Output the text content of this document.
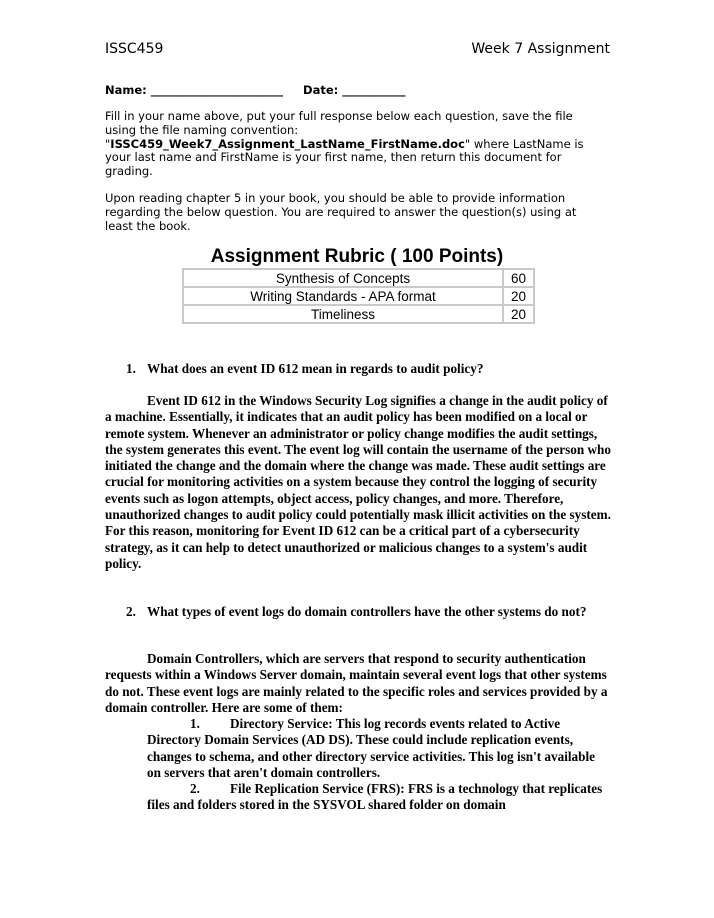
ISSC459	Week 7 Assignment
Name: _______________________     Date: ___________
Fill in your name above, put your full response below each question, save the file using the file naming convention: "ISSC459_Week7_Assignment_LastName_FirstName.doc" where LastName is your last name and FirstName is your first name, then return this document for grading.
Upon reading chapter 5 in your book, you should be able to provide information regarding the below question. You are required to answer the question(s) using at least the book.
Assignment Rubric ( 100 Points)
Synthesis of Concepts	60
Writing Standards - APA format	20
Timeliness	20
1. What does an event ID 612 mean in regards to audit policy?
Event ID 612 in the Windows Security Log signifies a change in the audit policy of a machine. Essentially, it indicates that an audit policy has been modified on a local or remote system. Whenever an administrator or policy change modifies the audit settings, the system generates this event. The event log will contain the username of the person who initiated the change and the domain where the change was made. These audit settings are crucial for monitoring activities on a system because they control the logging of security events such as logon attempts, object access, policy changes, and more. Therefore, unauthorized changes to audit policy could potentially mask illicit activities on the system. For this reason, monitoring for Event ID 612 can be a critical part of a cybersecurity strategy, as it can help to detect unauthorized or malicious changes to a system's audit policy.
2. What types of event logs do domain controllers have the other systems do not?
Domain Controllers, which are servers that respond to security authentication requests within a Windows Server domain, maintain several event logs that other systems do not. These event logs are mainly related to the specific roles and services provided by a domain controller. Here are some of them:
1.	Directory Service: This log records events related to Active Directory Domain Services (AD DS). These could include replication events, changes to schema, and other directory service activities. This log isn't available on servers that aren't domain controllers.
2.	File Replication Service (FRS): FRS is a technology that replicates files and folders stored in the SYSVOL shared folder on domain
